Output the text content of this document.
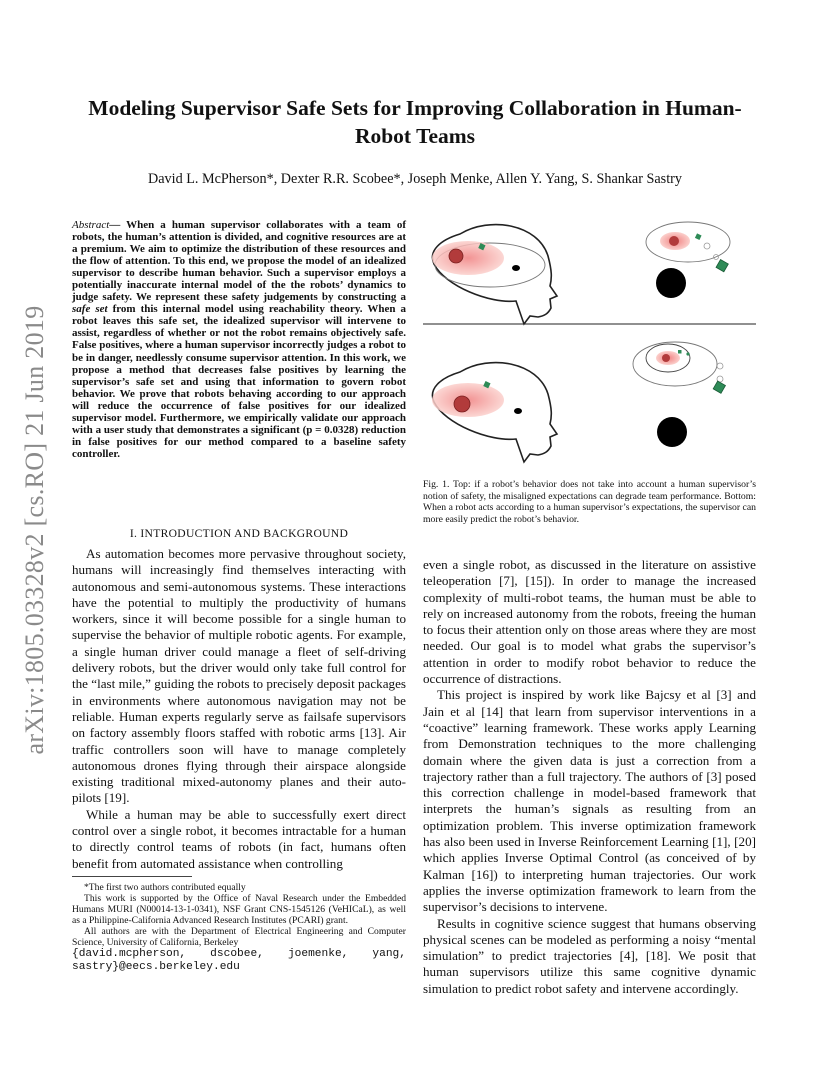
arXiv:1805.03328v2 [cs.RO] 21 Jun 2019
Modeling Supervisor Safe Sets for Improving Collaboration in Human-Robot Teams
David L. McPherson*, Dexter R.R. Scobee*, Joseph Menke, Allen Y. Yang, S. Shankar Sastry
Abstract— When a human supervisor collaborates with a team of robots, the human’s attention is divided, and cognitive resources are at a premium. We aim to optimize the distribution of these resources and the flow of attention. To this end, we propose the model of an idealized supervisor to describe human behavior. Such a supervisor employs a potentially inaccurate internal model of the the robots’ dynamics to judge safety. We represent these safety judgements by constructing a safe set from this internal model using reachability theory. When a robot leaves this safe set, the idealized supervisor will intervene to assist, regardless of whether or not the robot remains objectively safe. False positives, where a human supervisor incorrectly judges a robot to be in danger, needlessly consume supervisor attention. In this work, we propose a method that decreases false positives by learning the supervisor’s safe set and using that information to govern robot behavior. We prove that robots behaving according to our approach will reduce the occurrence of false positives for our idealized supervisor model. Furthermore, we empirically validate our approach with a user study that demonstrates a significant (p = 0.0328) reduction in false positives for our method compared to a baseline safety controller.
I. INTRODUCTION AND BACKGROUND

As automation becomes more pervasive throughout society, humans will increasingly find themselves interacting with autonomous and semi-autonomous systems. These interactions have the potential to multiply the productivity of humans workers, since it will become possible for a single human to supervise the behavior of multiple robotic agents. For example, a single human driver could manage a fleet of self-driving delivery robots, but the driver would only take full control for the “last mile,” guiding the robots to precisely deposit packages in environments where autonomous navigation may not be reliable. Human experts regularly serve as failsafe supervisors on factory assembly floors staffed with robotic arms [13]. Air traffic controllers soon will have to manage completely autonomous drones flying through their airspace alongside existing traditional mixed-autonomy planes and their auto-pilots [19].

While a human may be able to successfully exert direct control over a single robot, it becomes intractable for a human to directly control teams of robots (in fact, humans often benefit from automated assistance when controlling

*The first two authors contributed equally

This work is supported by the Office of Naval Research under the Embedded Humans MURI (N00014-13-1-0341), NSF Grant CNS-1545126 (VeHICaL), as well as a Philippine-California Advanced Research Institutes (PCARI) grant.

All authors are with the Department of Electrical Engineering and Computer Science, University of California, Berkeley

{david.mcpherson, dscobee, joemenke, yang, sastry}@eecs.berkeley.edu

Fig. 1. Top: if a robot’s behavior does not take into account a human supervisor’s notion of safety, the misaligned expectations can degrade team performance. Bottom: When a robot acts according to a human supervisor’s expectations, the supervisor can more easily predict the robot’s behavior.

even a single robot, as discussed in the literature on assistive teleoperation [7], [15]). In order to manage the increased complexity of multi-robot teams, the human must be able to rely on increased autonomy from the robots, freeing the human to focus their attention only on those areas where they are most needed. Our goal is to model what grabs the supervisor’s attention in order to modify robot behavior to reduce the occurrence of distractions.

This project is inspired by work like Bajcsy et al [3] and Jain et al [14] that learn from supervisor interventions in a “coactive” learning framework. These works apply Learning from Demonstration techniques to the more challenging domain where the given data is just a correction from a trajectory rather than a full trajectory. The authors of [3] posed this correction challenge in model-based framework that interprets the human’s signals as resulting from an optimization problem. This inverse optimization framework has also been used in Inverse Reinforcement Learning [1], [20] which applies Inverse Optimal Control (as conceived of by Kalman [16]) to interpreting human trajectories. Our work applies the inverse optimization framework to learn from the supervisor’s decisions to intervene.

Results in cognitive science suggest that humans observing physical scenes can be modeled as performing a noisy “mental simulation” to predict trajectories [4], [18]. We posit that human supervisors utilize this same cognitive dynamic simulation to predict robot safety and intervene accordingly.
